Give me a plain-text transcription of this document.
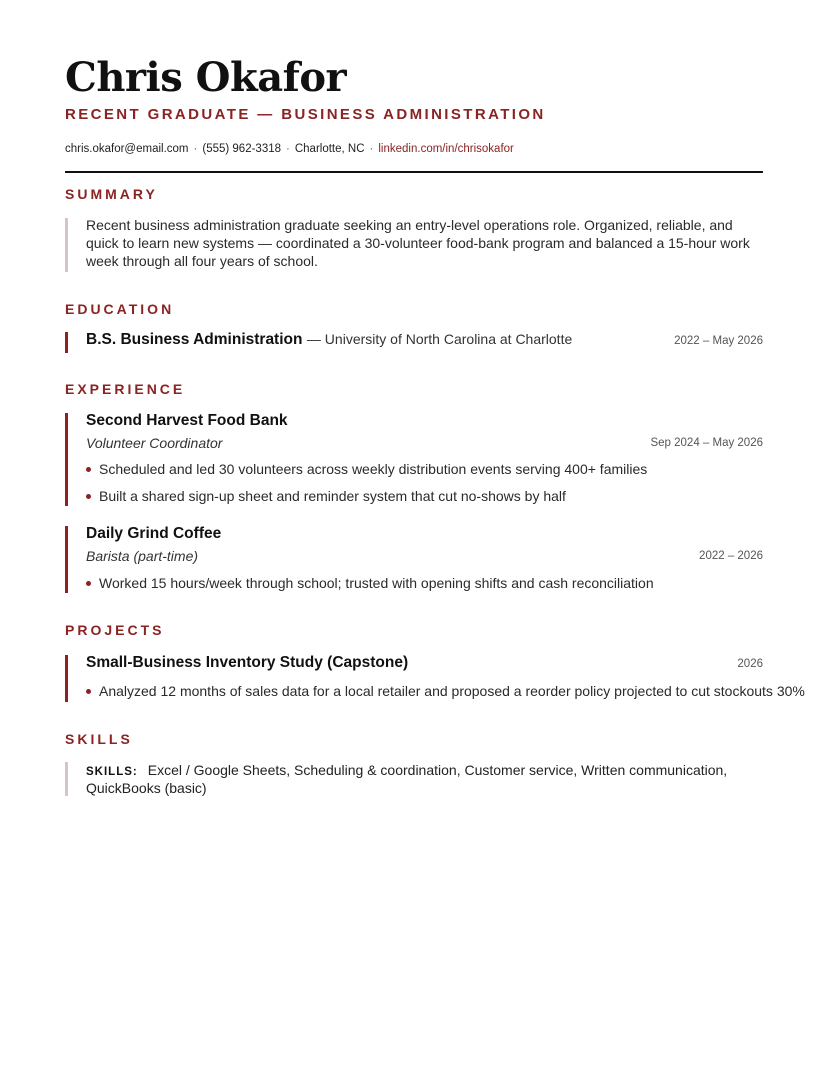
Chris Okafor
RECENT GRADUATE — BUSINESS ADMINISTRATION
chris.okafor@email.com · (555) 962-3318 · Charlotte, NC · linkedin.com/in/chrisokafor
SUMMARY
Recent business administration graduate seeking an entry-level operations role. Organized, reliable, and quick to learn new systems — coordinated a 30-volunteer food-bank program and balanced a 15-hour work week through all four years of school.
EDUCATION
B.S. Business Administration — University of North Carolina at Charlotte	2022 – May 2026
EXPERIENCE
Second Harvest Food Bank
Volunteer Coordinator	Sep 2024 – May 2026
Scheduled and led 30 volunteers across weekly distribution events serving 400+ families
Built a shared sign-up sheet and reminder system that cut no-shows by half
Daily Grind Coffee
Barista (part-time)	2022 – 2026
Worked 15 hours/week through school; trusted with opening shifts and cash reconciliation
PROJECTS
Small-Business Inventory Study (Capstone)	2026
Analyzed 12 months of sales data for a local retailer and proposed a reorder policy projected to cut stockouts 30%
SKILLS
SKILLS: Excel / Google Sheets, Scheduling & coordination, Customer service, Written communication, QuickBooks (basic)
